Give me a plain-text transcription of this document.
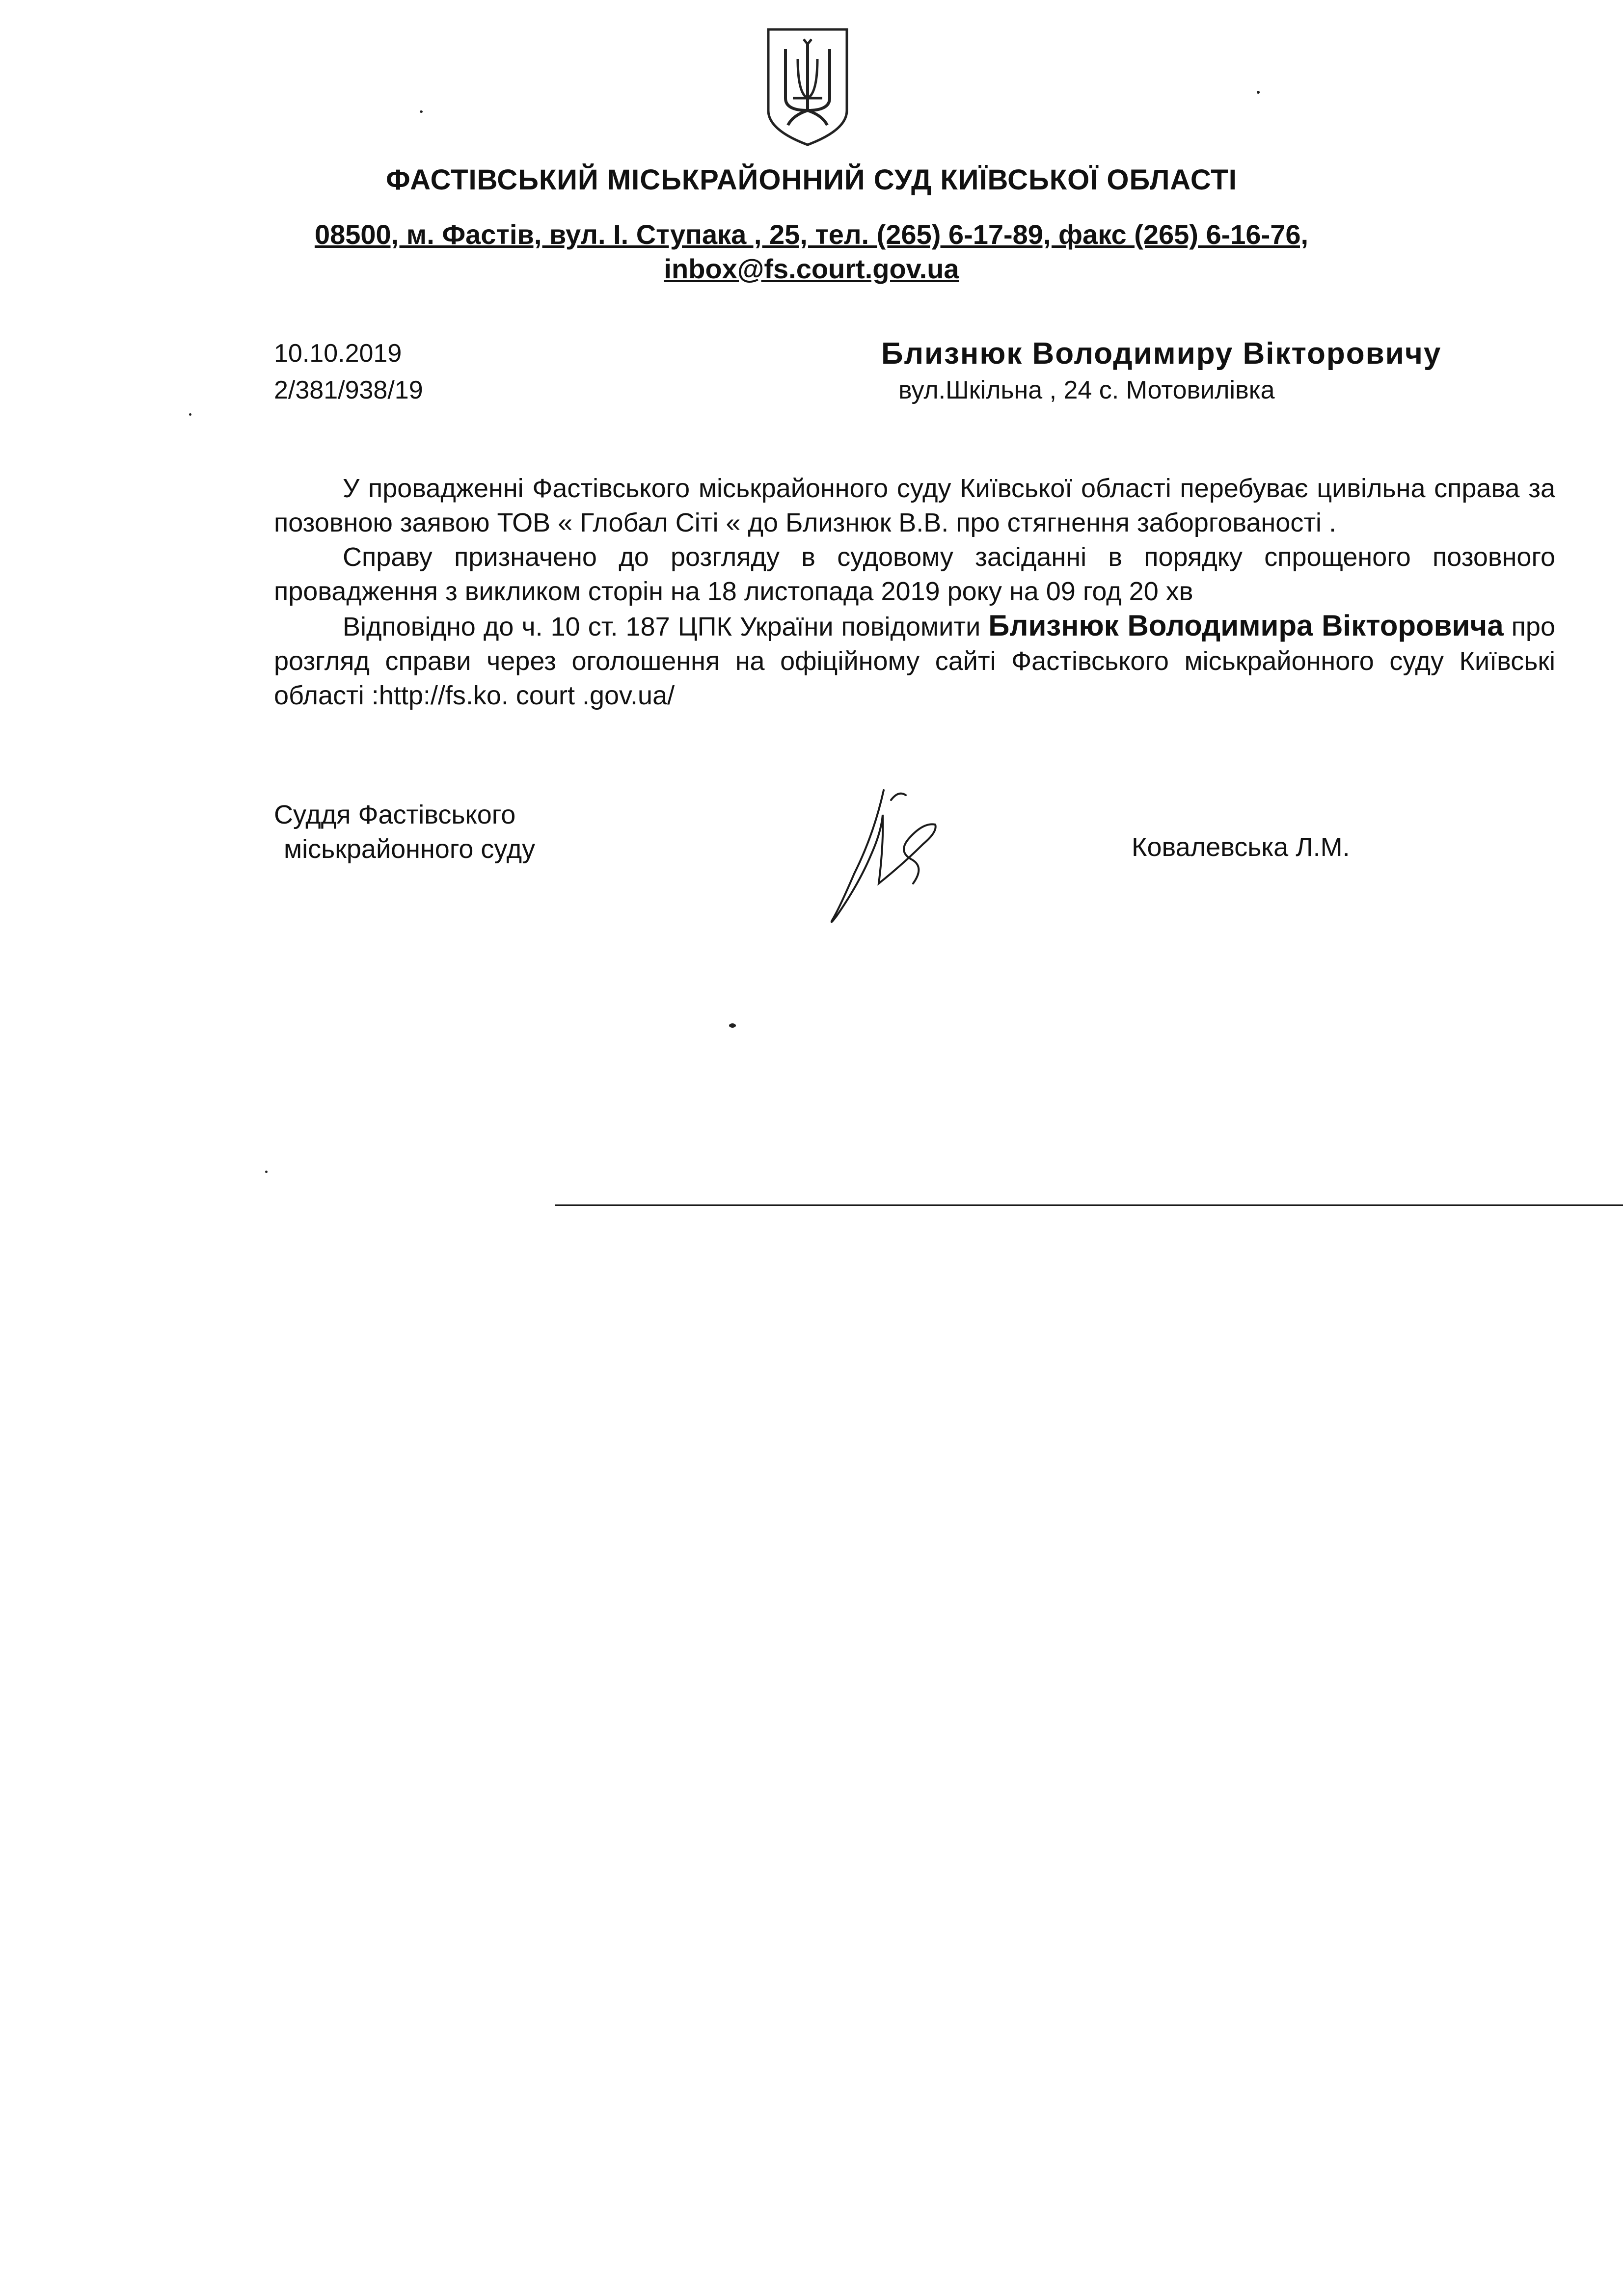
ФАСТІВСЬКИЙ МІСЬКРАЙОННИЙ СУД КИЇВСЬКОЇ ОБЛАСТІ
08500, м. Фастів, вул. І. Ступака , 25, тел. (265) 6-17-89, факс (265) 6-16-76,
inbox@fs.court.gov.ua
10.10.2019
2/381/938/19
Близнюк Володимиру Вікторовичу
вул.Шкільна , 24 с. Мотовилівка

У провадженні Фастівського міськрайонного суду Київської області перебуває цивільна справа за позовною заявою ТОВ « Глобал Сіті « до Близнюк В.В. про стягнення заборгованості .

Справу призначено до розгляду в судовому засіданні в порядку спрощеного позовного провадження з викликом сторін на 18 листопада 2019 року на 09 год 20 хв

Відповідно до ч. 10 ст. 187 ЦПК України повідомити Близнюк Володимира Вікторовича про розгляд справи через оголошення на офіційному сайті Фастівського міськрайонного суду Київські області :http://fs.ko. court .gov.ua/

Суддя Фастівського
міськрайонного суду	Ковалевська Л.М.
